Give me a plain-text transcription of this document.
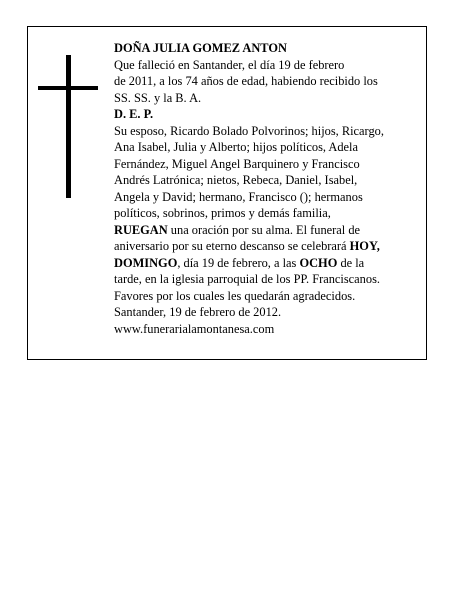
DOÑA JULIA GOMEZ ANTON
Que falleció en Santander, el día 19 de febrero
de 2011, a los 74 años de edad, habiendo recibido los
SS. SS. y la B. A.
D. E. P.
Su esposo, Ricardo Bolado Polvorinos; hijos, Ricargo,
Ana Isabel, Julia y Alberto; hijos políticos, Adela
Fernández, Miguel Angel Barquinero y Francisco
Andrés Latrónica; nietos, Rebeca, Daniel, Isabel,
Angela y David; hermano, Francisco (); hermanos
políticos, sobrinos, primos y demás familia,
RUEGAN una oración por su alma. El funeral de
aniversario por su eterno descanso se celebrará HOY,
DOMINGO, día 19 de febrero, a las OCHO de la
tarde, en la iglesia parroquial de los PP. Franciscanos.
Favores por los cuales les quedarán agradecidos.
Santander, 19 de febrero de 2012.
www.funerarialamontanesa.com
